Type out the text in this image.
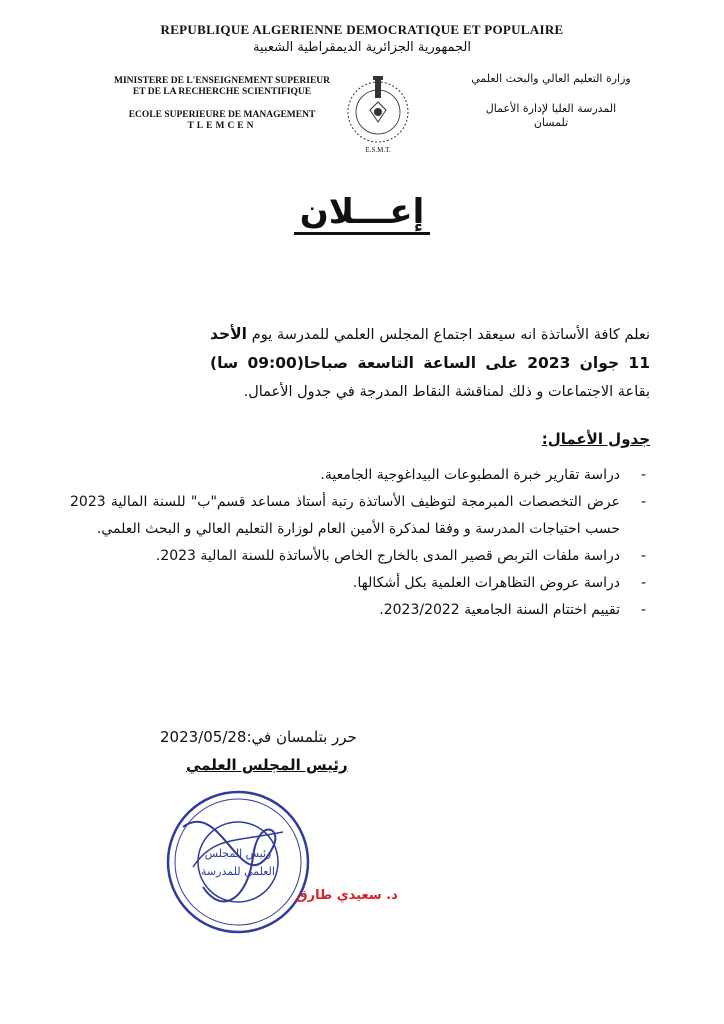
REPUBLIQUE ALGERIENNE DEMOCRATIQUE ET POPULAIRE
الجمهورية الجزائرية الديمقراطية الشعبية
MINISTERE DE L'ENSEIGNEMENT SUPERIEUR
ET DE LA RECHERCHE SCIENTIFIQUE
ECOLE SUPERIEURE DE MANAGEMENT
TLEMCEN
E.S.M.T.
وزارة التعليم العالي والبحث العلمي
المدرسة العليا لإدارة الأعمال
تلمسان
إعـــلان
نعلم كافة الأساتذة انه سيعقد اجتماع المجلس العلمي للمدرسة يوم الأحد 11 جوان 2023 على الساعة التاسعة صباحا(09:00 سا) بقاعة الاجتماعات و ذلك لمناقشة النقاط المدرجة في جدول الأعمال.
جدول الأعمال:
- دراسة تقارير خبرة المطبوعات البيداغوجية الجامعية.
- عرض التخصصات المبرمجة لتوظيف الأساتذة رتبة أستاذ مساعد قسم"ب" للسنة المالية 2023 حسب احتياجات المدرسة و وفقا لمذكرة الأمين العام لوزارة التعليم العالي و البحث العلمي.
- دراسة ملفات التربص قصير المدى بالخارج الخاص بالأساتذة للسنة المالية 2023.
- دراسة عروض التظاهرات العلمية بكل أشكالها.
- تقييم اختتام السنة الجامعية 2023/2022.
حرر بتلمسان في:2023/05/28
رئيس المجلس العلمي
رئيس المجلس
العلمي للمدرسة
د. سعيدي طارق
